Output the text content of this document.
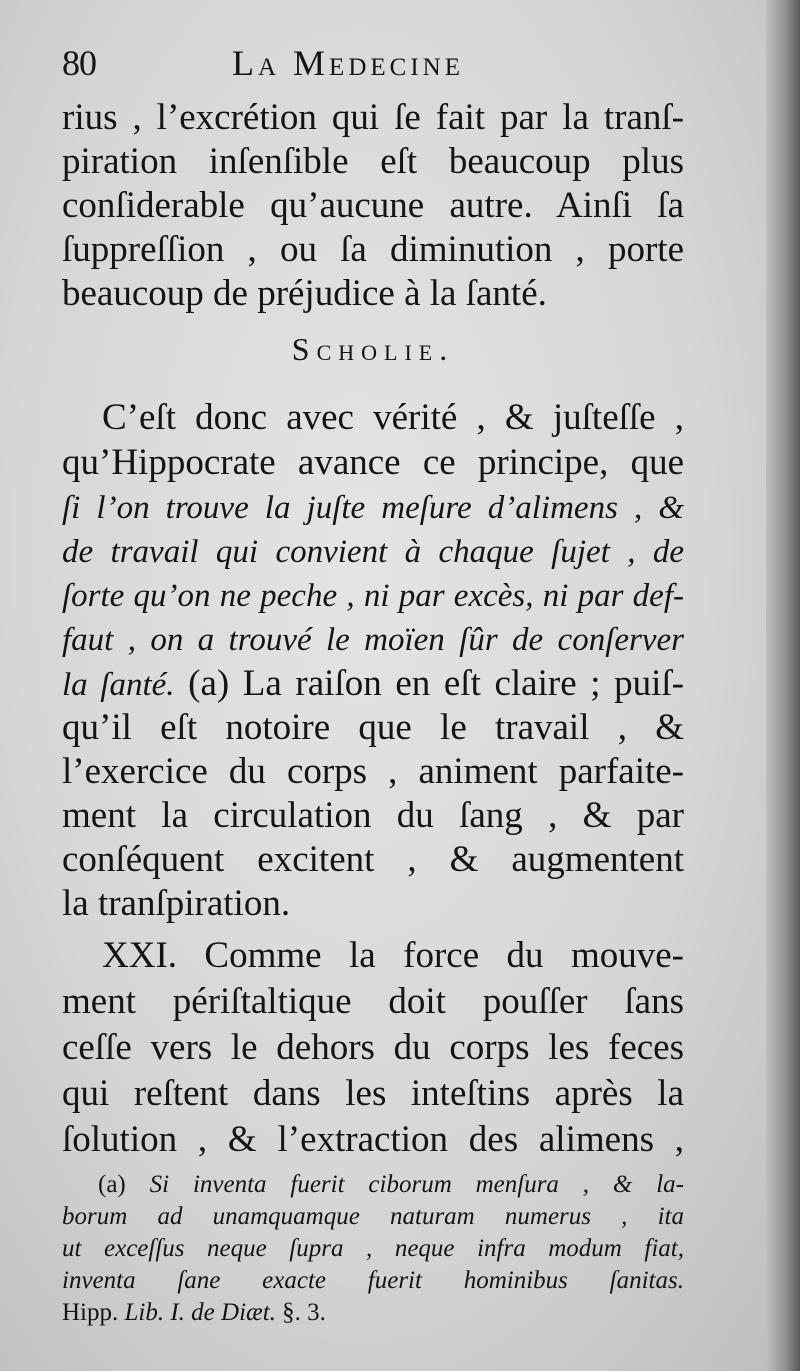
80	La Medecine
rius , l’excrétion qui ſe fait par la tranſ-
piration inſenſible eſt beaucoup plus
conſiderable qu’aucune autre. Ainſi ſa
ſuppreſſion , ou ſa diminution , porte
beaucoup de préjudice à la ſanté.
Scholie.
C’eſt donc avec vérité , & juſteſſe ,
qu’Hippocrate avance ce principe, que
ſi l’on trouve la juſte meſure d’alimens , &
de travail qui convient à chaque ſujet , de
ſorte qu’on ne peche , ni par excès, ni par def-
faut , on a trouvé le moïen ſûr de conſerver
la ſanté. (a) La raiſon en eſt claire ; puiſ-
qu’il eſt notoire que le travail , &
l’exercice du corps , animent parfaite-
ment la circulation du ſang , & par
conſéquent excitent , & augmentent
la tranſpiration.
XXI. Comme la force du mouve-
ment périſtaltique doit pouſſer ſans
ceſſe vers le dehors du corps les feces
qui reſtent dans les inteſtins après la
ſolution , & l’extraction des alimens ,
(a) Si inventa fuerit ciborum menſura , & la-
borum ad unamquamque naturam numerus , ita
ut exceſſus neque ſupra , neque infra modum fiat,
inventa ſane exacte fuerit hominibus ſanitas.
Hipp. Lib. I. de Diæt. §. 3.
